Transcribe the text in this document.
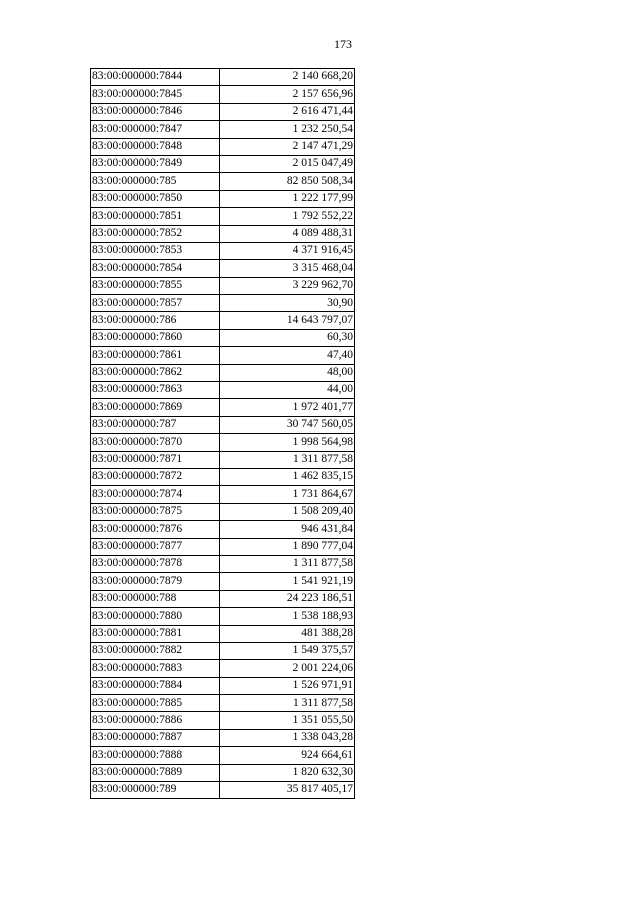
173
83:00:000000:7844	2 140 668,20
83:00:000000:7845	2 157 656,96
83:00:000000:7846	2 616 471,44
83:00:000000:7847	1 232 250,54
83:00:000000:7848	2 147 471,29
83:00:000000:7849	2 015 047,49
83:00:000000:785	82 850 508,34
83:00:000000:7850	1 222 177,99
83:00:000000:7851	1 792 552,22
83:00:000000:7852	4 089 488,31
83:00:000000:7853	4 371 916,45
83:00:000000:7854	3 315 468,04
83:00:000000:7855	3 229 962,70
83:00:000000:7857	30,90
83:00:000000:786	14 643 797,07
83:00:000000:7860	60,30
83:00:000000:7861	47,40
83:00:000000:7862	48,00
83:00:000000:7863	44,00
83:00:000000:7869	1 972 401,77
83:00:000000:787	30 747 560,05
83:00:000000:7870	1 998 564,98
83:00:000000:7871	1 311 877,58
83:00:000000:7872	1 462 835,15
83:00:000000:7874	1 731 864,67
83:00:000000:7875	1 508 209,40
83:00:000000:7876	946 431,84
83:00:000000:7877	1 890 777,04
83:00:000000:7878	1 311 877,58
83:00:000000:7879	1 541 921,19
83:00:000000:788	24 223 186,51
83:00:000000:7880	1 538 188,93
83:00:000000:7881	481 388,28
83:00:000000:7882	1 549 375,57
83:00:000000:7883	2 001 224,06
83:00:000000:7884	1 526 971,91
83:00:000000:7885	1 311 877,58
83:00:000000:7886	1 351 055,50
83:00:000000:7887	1 338 043,28
83:00:000000:7888	924 664,61
83:00:000000:7889	1 820 632,30
83:00:000000:789	35 817 405,17
